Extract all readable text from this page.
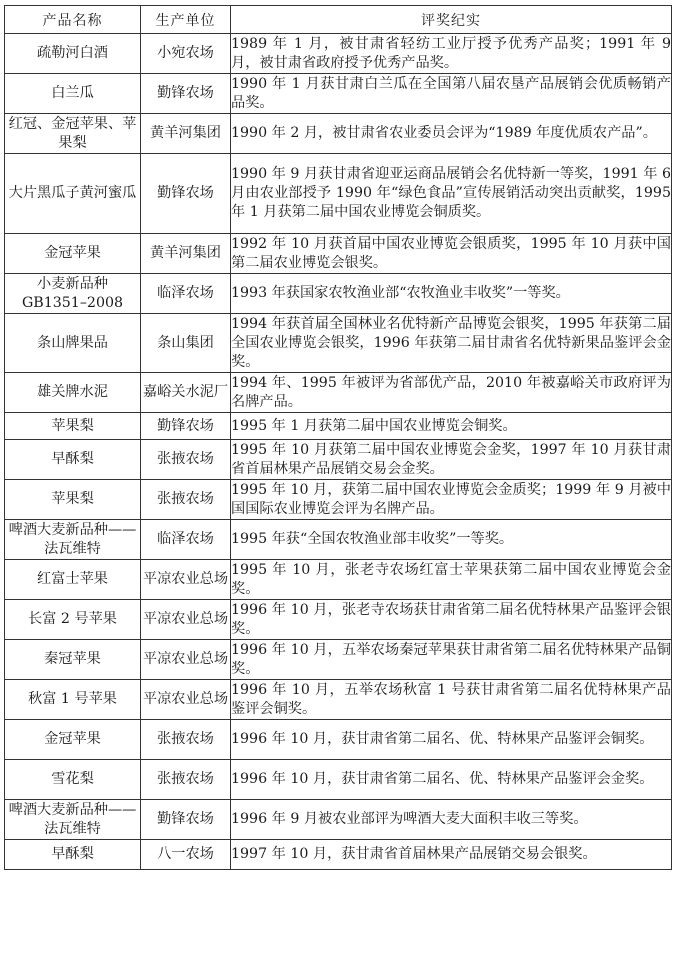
产品名称	生产单位	评奖纪实
疏勒河白酒	小宛农场	1989 年 1 月，被甘肃省轻纺工业厅授予优秀产品奖；1991 年 9 月，被甘肃省政府授予优秀产品奖。
白兰瓜	勤锋农场	1990 年 1 月获甘肃白兰瓜在全国第八届农垦产品展销会优质畅销产品奖。
红冠、金冠苹果、苹果梨	黄羊河集团	1990 年 2 月，被甘肃省农业委员会评为“1989 年度优质农产品”。
大片黑瓜子黄河蜜瓜	勤锋农场	1990 年 9 月获甘肃省迎亚运商品展销会名优特新一等奖，1991 年 6 月由农业部授予 1990 年“绿色食品”宣传展销活动突出贡献奖，1995 年 1 月获第二届中国农业博览会铜质奖。
金冠苹果	黄羊河集团	1992 年 10 月获首届中国农业博览会银质奖，1995 年 10 月获中国第二届农业博览会银奖。
小麦新品种 GB1351–2008	临泽农场	1993 年获国家农牧渔业部“农牧渔业丰收奖”一等奖。
条山牌果品	条山集团	1994 年获首届全国林业名优特新产品博览会银奖，1995 年获第二届全国农业博览会银奖，1996 年获第二届甘肃省名优特新果品鉴评会金奖。
雄关牌水泥	嘉峪关水泥厂	1994 年、1995 年被评为省部优产品，2010 年被嘉峪关市政府评为名牌产品。
苹果梨	勤锋农场	1995 年 1 月获第二届中国农业博览会铜奖。
早酥梨	张掖农场	1995 年 10 月获第二届中国农业博览会金奖，1997 年 10 月获甘肃省首届林果产品展销交易会金奖。
苹果梨	张掖农场	1995 年 10 月，获第二届中国农业博览会金质奖；1999 年 9 月被中国国际农业博览会评为名牌产品。
啤酒大麦新品种——法瓦维特	临泽农场	1995 年获“全国农牧渔业部丰收奖”一等奖。
红富士苹果	平凉农业总场	1995 年 10 月，张老寺农场红富士苹果获第二届中国农业博览会金奖。
长富 2 号苹果	平凉农业总场	1996 年 10 月，张老寺农场获甘肃省第二届名优特林果产品鉴评会银奖。
秦冠苹果	平凉农业总场	1996 年 10 月，五举农场秦冠苹果获甘肃省第二届名优特林果产品铜奖。
秋富 1 号苹果	平凉农业总场	1996 年 10 月，五举农场秋富 1 号获甘肃省第二届名优特林果产品鉴评会铜奖。
金冠苹果	张掖农场	1996 年 10 月，获甘肃省第二届名、优、特林果产品鉴评会铜奖。
雪花梨	张掖农场	1996 年 10 月，获甘肃省第二届名、优、特林果产品鉴评会金奖。
啤酒大麦新品种——法瓦维特	勤锋农场	1996 年 9 月被农业部评为啤酒大麦大面积丰收三等奖。
早酥梨	八一农场	1997 年 10 月，获甘肃省首届林果产品展销交易会银奖。
